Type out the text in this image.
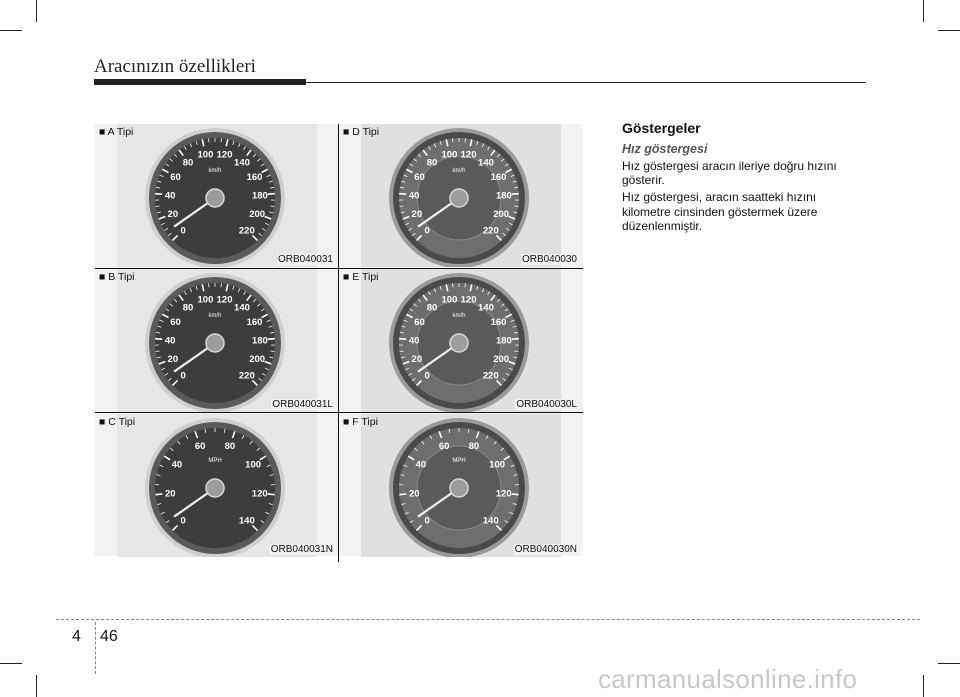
Aracınızın özellikleri
0
20
40
60
80
100 120
140
160
180
200
220
km/h
■ A Tipi
ORB040031
0
20
40
60
80
100 120
140
160
180
200
220
km/h
■ D Tipi
ORB040030
0
20
40
60
80
100 120
140
160
180
200
220
km/h
■ B Tipi
ORB040031L
0
20
40
60
80
100 120
140
160
180
200
220
km/h
■ E Tipi
ORB040030L
0
20
40
60 80
100
120
140
MPH
■ C Tipi
ORB040031N
0
20
40
60 80
100
120
140
MPH
■ F Tipi
ORB040030N
Göstergeler
Hız göstergesi
Hız göstergesi aracın ileriye doğru hızını gösterir.
Hız göstergesi, aracın saatteki hızını kilometre cinsinden göstermek üzere düzenlenmiştir.
4 46
carmanualsonline.info
